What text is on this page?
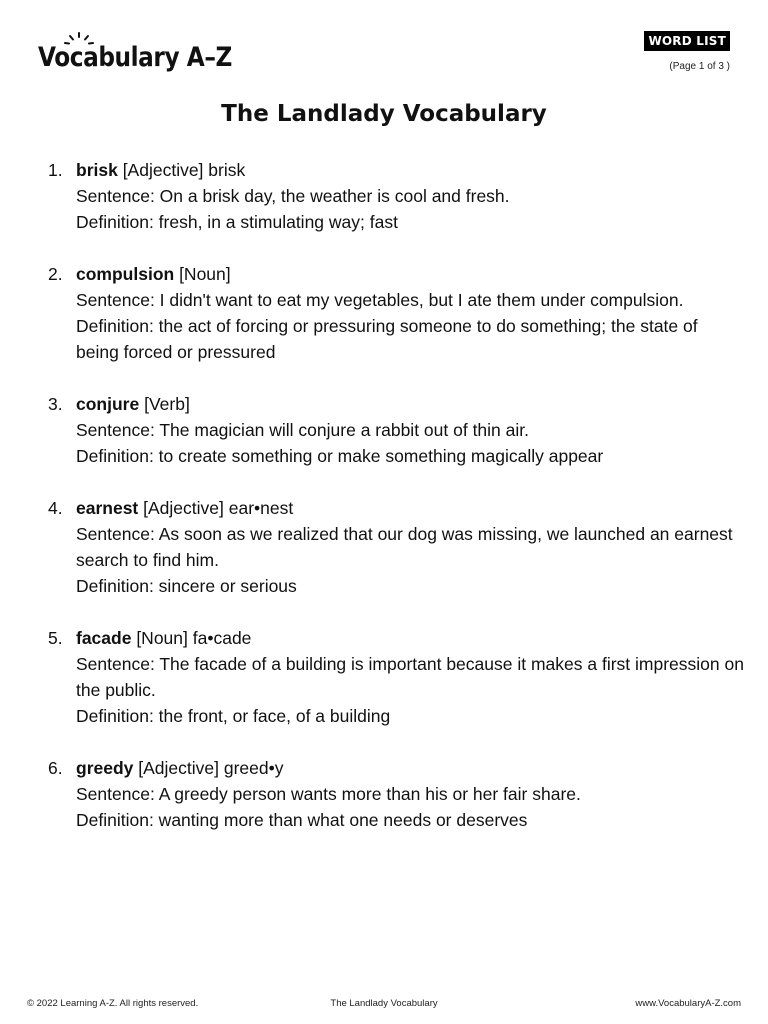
Vocabulary A–Z
WORD LIST
(Page 1 of 3 )
The Landlady Vocabulary
1. brisk [Adjective] brisk
Sentence: On a brisk day, the weather is cool and fresh.
Definition: fresh, in a stimulating way; fast
2. compulsion [Noun]
Sentence: I didn't want to eat my vegetables, but I ate them under compulsion.
Definition: the act of forcing or pressuring someone to do something; the state of being forced or pressured
3. conjure [Verb]
Sentence: The magician will conjure a rabbit out of thin air.
Definition: to create something or make something magically appear
4. earnest [Adjective] ear•nest
Sentence: As soon as we realized that our dog was missing, we launched an earnest search to find him.
Definition: sincere or serious
5. facade [Noun] fa•cade
Sentence: The facade of a building is important because it makes a first impression on the public.
Definition: the front, or face, of a building
6. greedy [Adjective] greed•y
Sentence: A greedy person wants more than his or her fair share.
Definition: wanting more than what one needs or deserves
© 2022 Learning A-Z. All rights reserved.	The Landlady Vocabulary	www.VocabularyA-Z.com
